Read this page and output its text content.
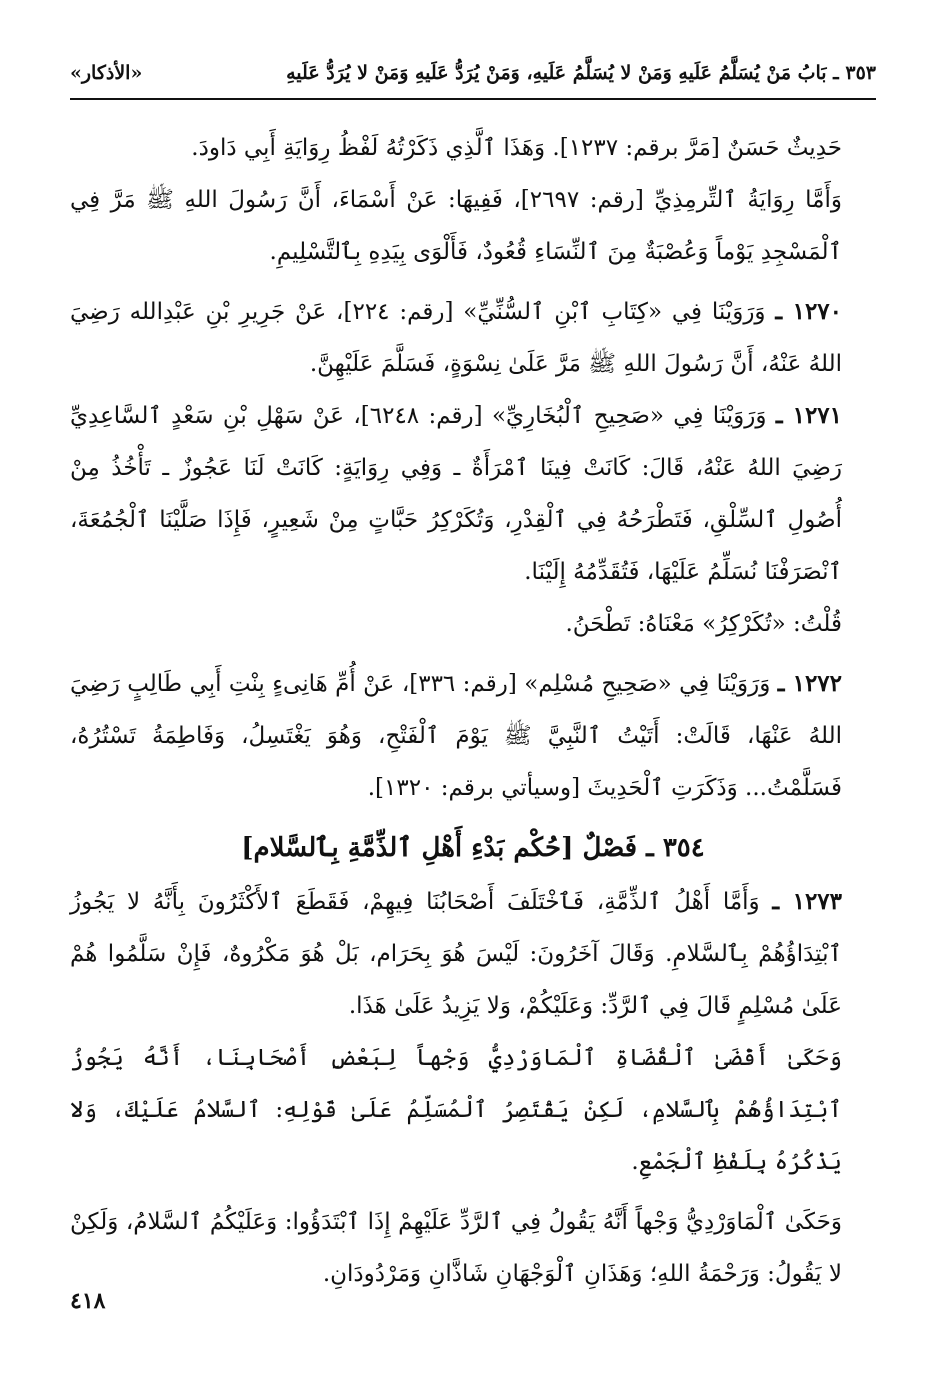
٣٥٣ ـ بَابُ مَنْ يُسَلَّمُ عَلَيهِ وَمَنْ لا يُسَلَّمُ عَلَيهِ، وَمَنْ يُرَدُّ عَلَيهِ وَمَنْ لا يُرَدُّ عَلَيهِ
«الأذكار»

حَدِيثٌ حَسَنٌ [مَرَّ برقم: ١٢٣٧]. وَهَذَا ٱلَّذِي ذَكَرْتُهُ لَفْظُ رِوَايَةِ أَبِي دَاودَ.

وَأَمَّا رِوَايَةُ ٱلتِّرمِذِيِّ [رقم: ٢٦٩٧]، فَفِيهَا: عَنْ أَسْمَاءَ، أَنَّ رَسُولَ اللهِ ﷺ مَرَّ فِي ٱلْمَسْجِدِ يَوْماً وَعُصْبَةٌ مِنَ ٱلنِّسَاءِ قُعُودٌ، فَأَلْوَى بِيَدِهِ بِٱلتَّسْلِيمِ.

١٢٧٠ ـ وَرَوَيْنَا فِي «كِتَابِ ٱبْنِ ٱلسُّنِّيِّ» [رقم: ٢٢٤]، عَنْ جَرِيرِ بْنِ عَبْدِالله رَضِيَ اللهُ عَنْهُ، أَنَّ رَسُولَ اللهِ ﷺ مَرَّ عَلَىٰ نِسْوَةٍ، فَسَلَّمَ عَلَيْهِنَّ.

١٢٧١ ـ وَرَوَيْنَا فِي «صَحِيحِ ٱلْبُخَارِيِّ» [رقم: ٦٢٤٨]، عَنْ سَهْلِ بْنِ سَعْدٍ ٱلسَّاعِدِيِّ رَضِيَ اللهُ عَنْهُ، قَالَ: كَانَتْ فِينَا ٱمْرَأَةٌ ـ وَفِي رِوَايَةٍ: كَانَتْ لَنَا عَجُوزٌ ـ تَأْخُذُ مِنْ أُصُولِ ٱلسِّلْقِ، فَتَطْرَحُهُ فِي ٱلْقِدْرِ، وَتُكَرْكِرُ حَبَّاتٍ مِنْ شَعِيرٍ، فَإِذَا صَلَّيْنَا ٱلْجُمُعَةَ، ٱنْصَرَفْنَا نُسَلِّمُ عَلَيْهَا، فَتُقَدِّمُهُ إِلَيْنَا.

قُلْتُ: «تُكَرْكِرُ» مَعْنَاهُ: تَطْحَنُ.

١٢٧٢ ـ وَرَوَيْنَا فِي «صَحِيحِ مُسْلِم» [رقم: ٣٣٦]، عَنْ أُمِّ هَانِىءٍ بِنْتِ أَبِي طَالِبٍ رَضِيَ اللهُ عَنْهَا، قَالَتْ: أَتَيْتُ ٱلنَّبِيَّ ﷺ يَوْمَ ٱلْفَتْحِ، وَهُوَ يَغْتَسِلُ، وَفَاطِمَةُ تَسْتُرُهُ، فَسَلَّمْتُ... وَذَكَرَتِ ٱلْحَدِيثَ [وسيأتي برقم: ١٣٢٠].

٣٥٤ ـ فَصْلٌ [حُكْم بَدْءِ أَهْلِ ٱلذِّمَّةِ بِٱلسَّلام]

١٢٧٣ ـ وَأَمَّا أَهْلُ ٱلذِّمَّةِ، فَٱخْتَلَفَ أَصْحَابُنَا فِيهِمْ، فَقَطَعَ ٱلأَكْثَرُونَ بِأَنَّهُ لا يَجُوزُ ٱبْتِدَاؤُهُمْ بِٱلسَّلامِ. وَقَالَ آخَرُونَ: لَيْسَ هُوَ بِحَرَام، بَلْ هُوَ مَكْرُوهٌ، فَإِنْ سَلَّمُوا هُمْ عَلَىٰ مُسْلِمٍ قَالَ فِي ٱلرَّدِّ: وَعَلَيْكُمْ، وَلا يَزِيدُ عَلَىٰ هَذَا.

وَحَكَىٰ أَقْضَىٰ ٱلْقُضَاةِ ٱلْمَاوَرْدِيُّ وَجْهاً لِبَعْضِ أَصْحَابِنَا، أَنَّهُ يَجُوزُ ٱبْتِدَاؤُهُمْ بِٱلسَّلامِ، لَكِنْ يَقْتَصِرُ ٱلْمُسَلِّمُ عَلَىٰ قَوْلِهِ: ٱلسَّلامُ عَلَيْكَ، وَلا يَذْكُرُهُ بِلَفْظِ ٱلْجَمْعِ.

وَحَكَىٰ ٱلْمَاوَرْدِيُّ وَجْهاً أَنَّهُ يَقُولُ فِي ٱلرَّدِّ عَلَيْهِمْ إِذَا ٱبْتَدَؤُوا: وَعَلَيْكُمُ ٱلسَّلامُ، وَلَكِنْ لا يَقُولُ: وَرَحْمَةُ اللهِ؛ وَهَذَانِ ٱلْوَجْهَانِ شَاذَّانِ وَمَرْدُودَانِ.

٤١٨
